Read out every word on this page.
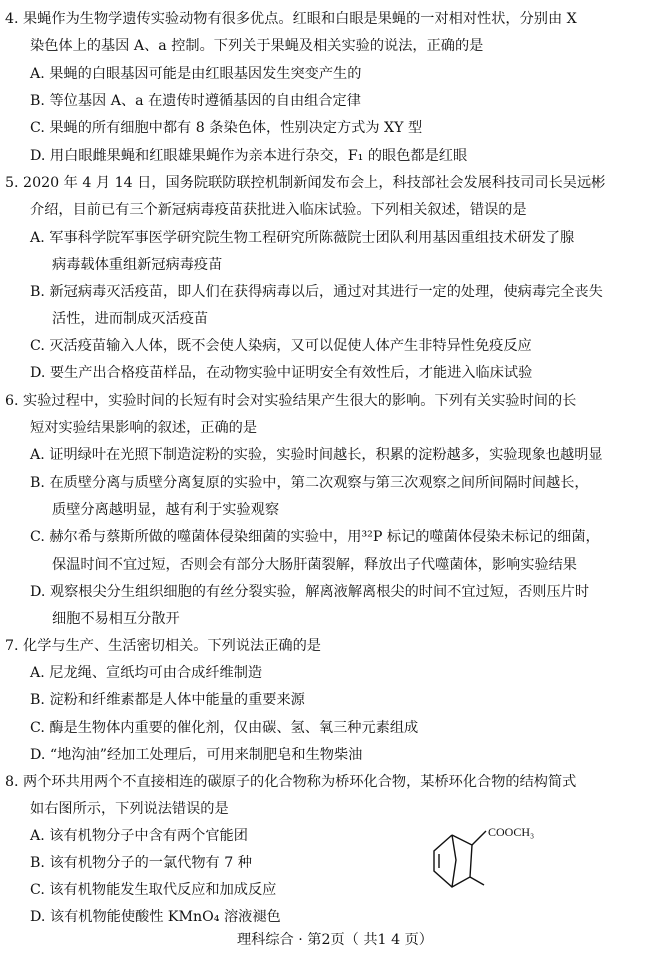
4. 果蝇作为生物学遗传实验动物有很多优点。红眼和白眼是果蝇的一对相对性状，分别由 X
染色体上的基因 A、a 控制。下列关于果蝇及相关实验的说法，正确的是
A. 果蝇的白眼基因可能是由红眼基因发生突变产生的
B. 等位基因 A、a 在遗传时遵循基因的自由组合定律
C. 果蝇的所有细胞中都有 8 条染色体，性别决定方式为 XY 型
D. 用白眼雌果蝇和红眼雄果蝇作为亲本进行杂交，F₁ 的眼色都是红眼
5. 2020 年 4 月 14 日，国务院联防联控机制新闻发布会上，科技部社会发展科技司司长吴远彬
介绍，目前已有三个新冠病毒疫苗获批进入临床试验。下列相关叙述，错误的是
A. 军事科学院军事医学研究院生物工程研究所陈薇院士团队利用基因重组技术研发了腺
病毒载体重组新冠病毒疫苗
B. 新冠病毒灭活疫苗，即人们在获得病毒以后，通过对其进行一定的处理，使病毒完全丧失
活性，进而制成灭活疫苗
C. 灭活疫苗输入人体，既不会使人染病，又可以促使人体产生非特异性免疫反应
D. 要生产出合格疫苗样品，在动物实验中证明安全有效性后，才能进入临床试验
6. 实验过程中，实验时间的长短有时会对实验结果产生很大的影响。下列有关实验时间的长
短对实验结果影响的叙述，正确的是
A. 证明绿叶在光照下制造淀粉的实验，实验时间越长，积累的淀粉越多，实验现象也越明显
B. 在质壁分离与质壁分离复原的实验中，第二次观察与第三次观察之间所间隔时间越长，
质壁分离越明显，越有利于实验观察
C. 赫尔希与蔡斯所做的噬菌体侵染细菌的实验中，用³²P 标记的噬菌体侵染未标记的细菌，
保温时间不宜过短，否则会有部分大肠肝菌裂解，释放出子代噬菌体，影响实验结果
D. 观察根尖分生组织细胞的有丝分裂实验，解离液解离根尖的时间不宜过短，否则压片时
细胞不易相互分散开
7. 化学与生产、生活密切相关。下列说法正确的是
A. 尼龙绳、宣纸均可由合成纤维制造
B. 淀粉和纤维素都是人体中能量的重要来源
C. 酶是生物体内重要的催化剂，仅由碳、氢、氧三种元素组成
D. “地沟油”经加工处理后，可用来制肥皂和生物柴油
8. 两个环共用两个不直接相连的碳原子的化合物称为桥环化合物，某桥环化合物的结构简式
如右图所示，下列说法错误的是
A. 该有机物分子中含有两个官能团
B. 该有机物分子的一氯代物有 7 种
C. 该有机物能发生取代反应和加成反应
D. 该有机物能使酸性 KMnO₄ 溶液褪色
COOCH₃
理科综合 · 第2页（ 共1 4 页）
